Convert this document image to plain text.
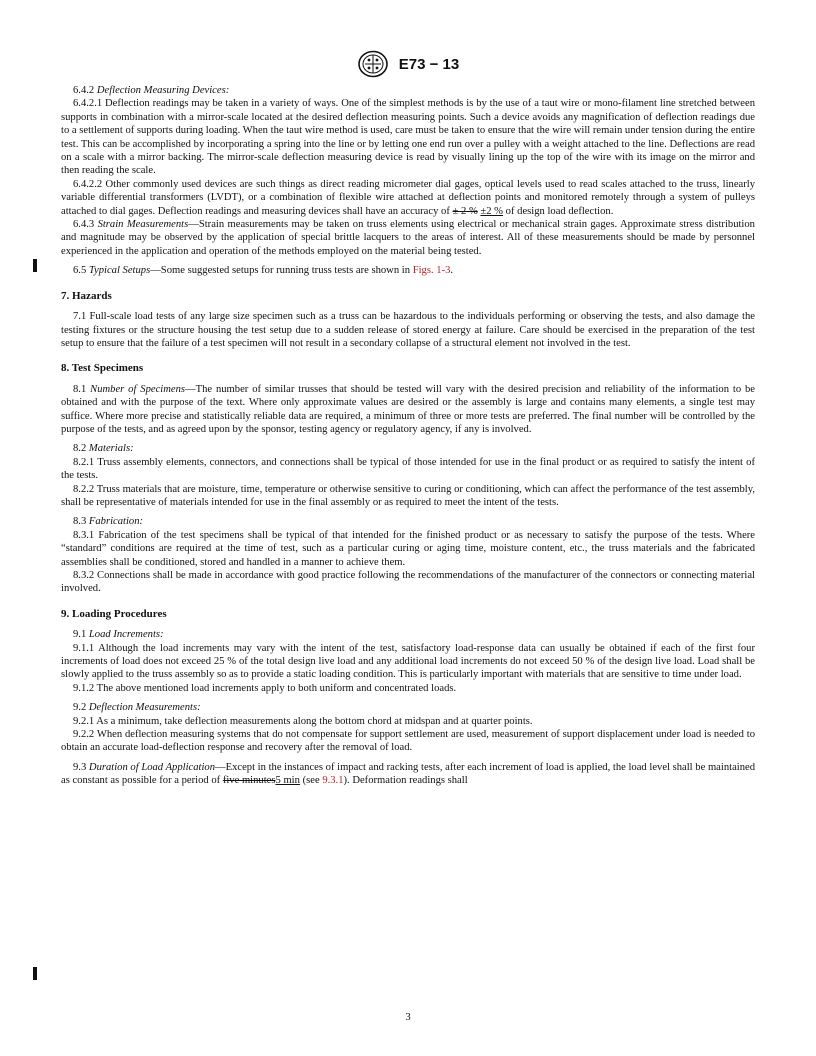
E73 − 13

6.4.2 Deflection Measuring Devices:

6.4.2.1 Deflection readings may be taken in a variety of ways. One of the simplest methods is by the use of a taut wire or mono-filament line stretched between supports in combination with a mirror-scale located at the desired deflection measuring points. Such a device avoids any magnification of deflection readings due to a settlement of supports during loading. When the taut wire method is used, care must be taken to ensure that the wire will remain under tension during the entire test. This can be accomplished by incorporating a spring into the line or by letting one end run over a pulley with a weight attached to the line. Deflections are read on a scale with a mirror backing. The mirror-scale deflection measuring device is read by visually lining up the top of the wire with its image on the mirror and then reading the scale.

6.4.2.2 Other commonly used devices are such things as direct reading micrometer dial gages, optical levels used to read scales attached to the truss, linearly variable differential transformers (LVDT), or a combination of flexible wire attached at deflection points and monitored remotely through a system of pulleys attached to dial gages. Deflection readings and measuring devices shall have an accuracy of ± 2 % ±2 % of design load deflection.

6.4.3 Strain Measurements—Strain measurements may be taken on truss elements using electrical or mechanical strain gages. Approximate stress distribution and magnitude may be observed by the application of special brittle lacquers to the areas of interest. All of these measurements should be made by personnel experienced in the application and operation of the methods employed on the material being tested.

6.5 Typical Setups—Some suggested setups for running truss tests are shown in Figs. 1-3.

7. Hazards

7.1 Full-scale load tests of any large size specimen such as a truss can be hazardous to the individuals performing or observing the tests, and also damage the testing fixtures or the structure housing the test setup due to a sudden release of stored energy at failure. Care should be exercised in the preparation of the test setup to ensure that the failure of a test specimen will not result in a secondary collapse of a structural element not involved in the test.

8. Test Specimens

8.1 Number of Specimens—The number of similar trusses that should be tested will vary with the desired precision and reliability of the information to be obtained and with the purpose of the text. Where only approximate values are desired or the assembly is large and contains many elements, a single test may suffice. Where more precise and statistically reliable data are required, a minimum of three or more tests are preferred. The final number will be controlled by the purpose of the tests, and as agreed upon by the sponsor, testing agency or regulatory agency, if any is involved.

8.2 Materials:

8.2.1 Truss assembly elements, connectors, and connections shall be typical of those intended for use in the final product or as required to satisfy the intent of the tests.

8.2.2 Truss materials that are moisture, time, temperature or otherwise sensitive to curing or conditioning, which can affect the performance of the test assembly, shall be representative of materials intended for use in the final assembly or as required to meet the intent of the tests.

8.3 Fabrication:

8.3.1 Fabrication of the test specimens shall be typical of that intended for the finished product or as necessary to satisfy the purpose of the tests. Where “standard” conditions are required at the time of test, such as a particular curing or aging time, moisture content, etc., the truss materials and the fabricated assemblies shall be conditioned, stored and handled in a manner to achieve them.

8.3.2 Connections shall be made in accordance with good practice following the recommendations of the manufacturer of the connectors or connecting material involved.

9. Loading Procedures

9.1 Load Increments:

9.1.1 Although the load increments may vary with the intent of the test, satisfactory load-response data can usually be obtained if each of the first four increments of load does not exceed 25 % of the total design live load and any additional load increments do not exceed 50 % of the design live load. Load shall be slowly applied to the truss assembly so as to provide a static loading condition. This is particularly important with materials that are sensitive to time under load.

9.1.2 The above mentioned load increments apply to both uniform and concentrated loads.

9.2 Deflection Measurements:

9.2.1 As a minimum, take deflection measurements along the bottom chord at midspan and at quarter points.

9.2.2 When deflection measuring systems that do not compensate for support settlement are used, measurement of support displacement under load is needed to obtain an accurate load-deflection response and recovery after the removal of load.

9.3 Duration of Load Application—Except in the instances of impact and racking tests, after each increment of load is applied, the load level shall be maintained as constant as possible for a period of five minutes5 min (see 9.3.1). Deformation readings shall

3
